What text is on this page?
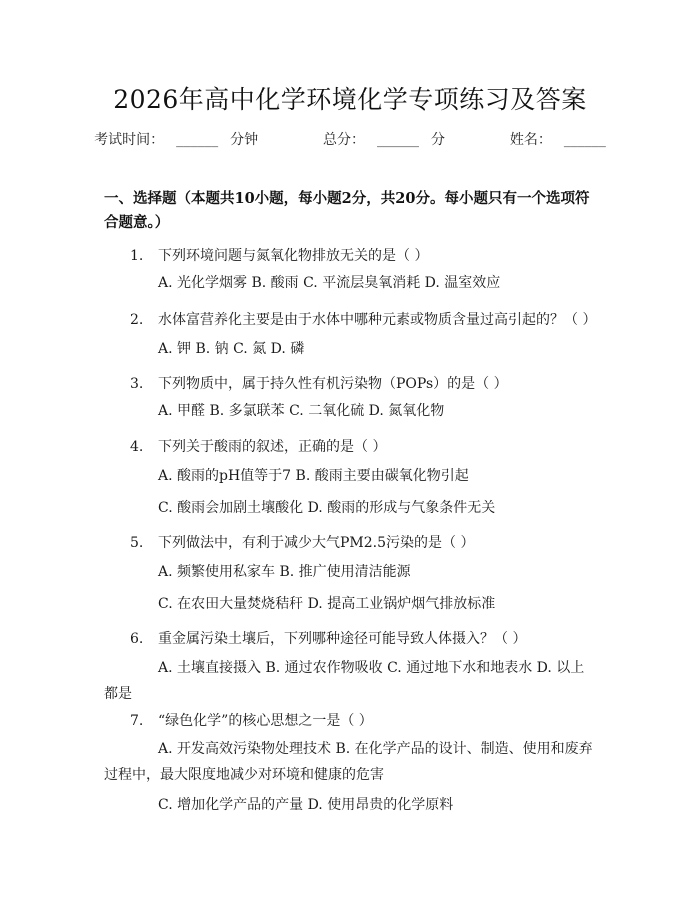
2026年高中化学环境化学专项练习及答案
考试时间： ______ 分钟	总分： ______ 分	姓名： ______
一、选择题（本题共10小题，每小题2分，共20分。每小题只有一个选项符合题意。）
1. 下列环境问题与氮氧化物排放无关的是（ ）
A. 光化学烟雾 B. 酸雨 C. 平流层臭氧消耗 D. 温室效应
2. 水体富营养化主要是由于水体中哪种元素或物质含量过高引起的？（ ）
A. 钾 B. 钠 C. 氮 D. 磷
3. 下列物质中，属于持久性有机污染物（POPs）的是（ ）
A. 甲醛 B. 多氯联苯 C. 二氧化硫 D. 氮氧化物
4. 下列关于酸雨的叙述，正确的是（ ）
A. 酸雨的pH值等于7 B. 酸雨主要由碳氧化物引起
C. 酸雨会加剧土壤酸化 D. 酸雨的形成与气象条件无关
5. 下列做法中，有利于减少大气PM2.5污染的是（ ）
A. 频繁使用私家车 B. 推广使用清洁能源
C. 在农田大量焚烧秸秆 D. 提高工业锅炉烟气排放标准
6. 重金属污染土壤后，下列哪种途径可能导致人体摄入？（ ）
A. 土壤直接摄入 B. 通过农作物吸收 C. 通过地下水和地表水 D. 以上都是
7. “绿色化学”的核心思想之一是（ ）
A. 开发高效污染物处理技术 B. 在化学产品的设计、制造、使用和废弃过程中，最大限度地减少对环境和健康的危害
C. 增加化学产品的产量 D. 使用昂贵的化学原料
